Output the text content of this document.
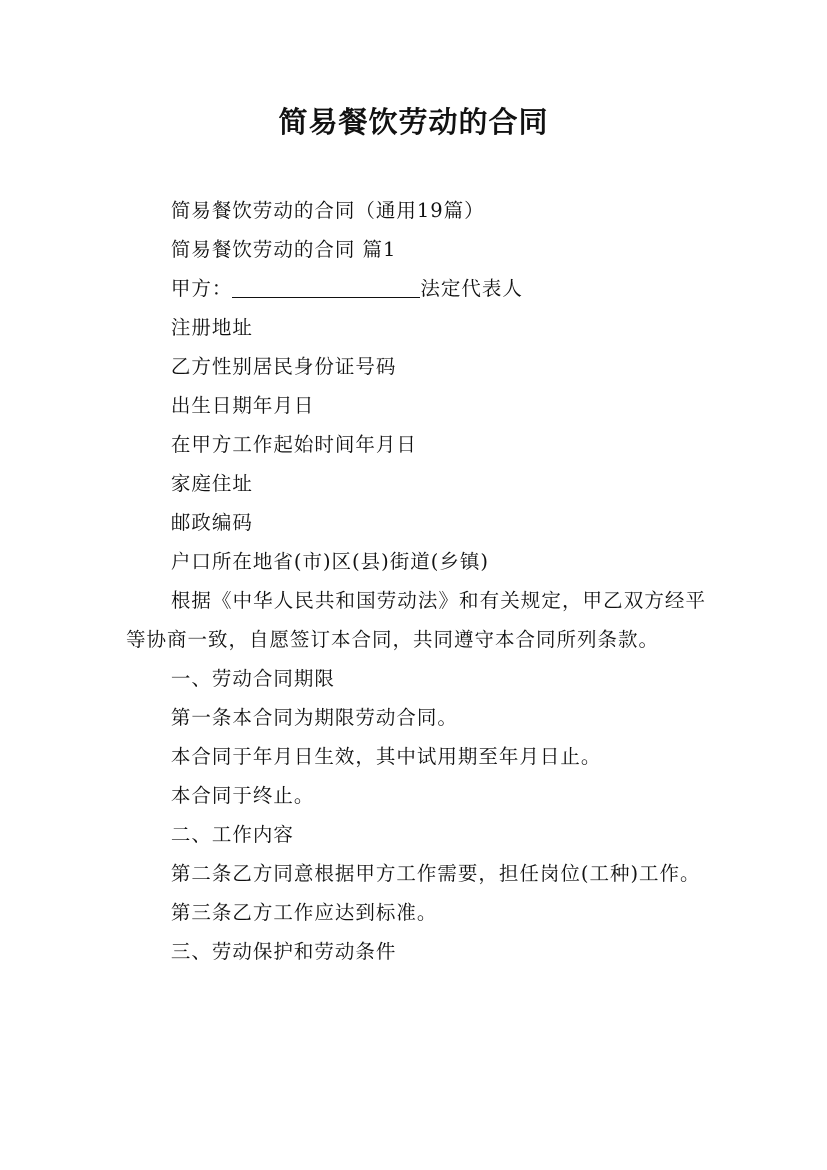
简易餐饮劳动的合同

简易餐饮劳动的合同（通用19篇）

简易餐饮劳动的合同 篇1

甲方：	法定代表人

注册地址

乙方性别居民身份证号码

出生日期年月日

在甲方工作起始时间年月日

家庭住址

邮政编码

户口所在地省(市)区(县)街道(乡镇)

根据《中华人民共和国劳动法》和有关规定，甲乙双方经平等协商一致，自愿签订本合同，共同遵守本合同所列条款。

一、劳动合同期限

第一条本合同为期限劳动合同。

本合同于年月日生效，其中试用期至年月日止。

本合同于终止。

二、工作内容

第二条乙方同意根据甲方工作需要，担任岗位(工种)工作。

第三条乙方工作应达到标准。

三、劳动保护和劳动条件
